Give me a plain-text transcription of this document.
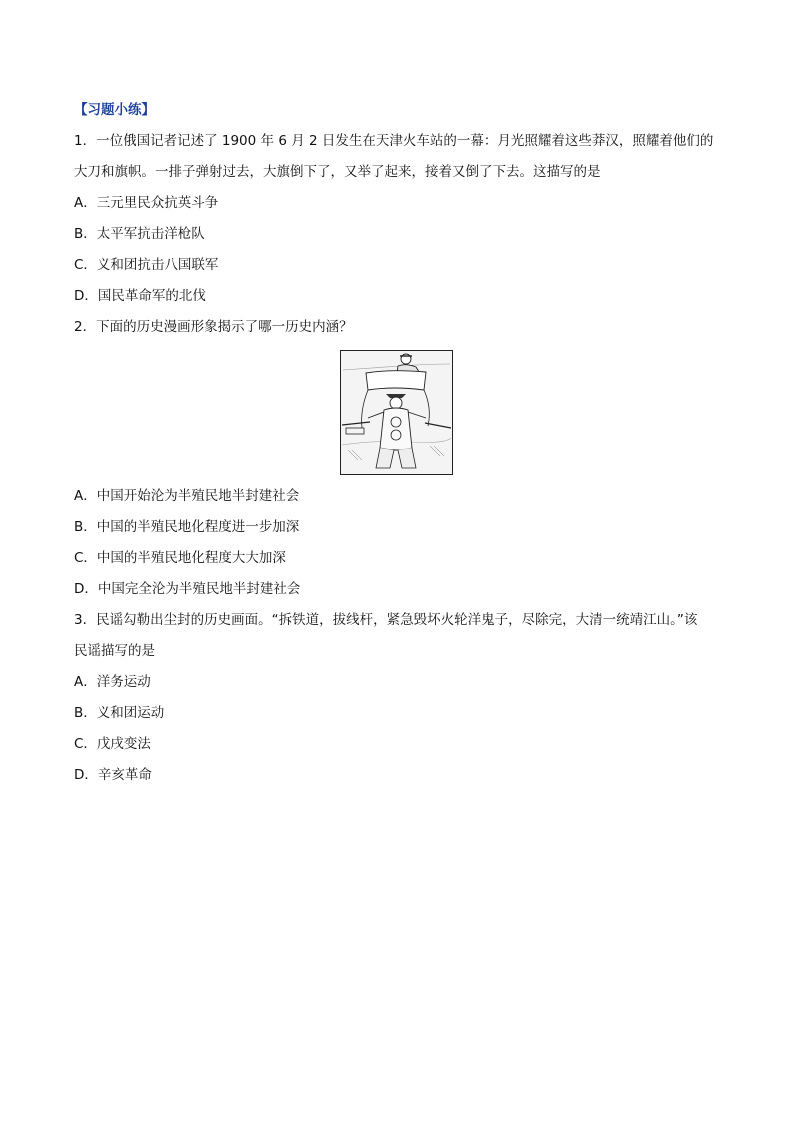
【习题小练】
1．一位俄国记者记述了 1900 年 6 月 2 日发生在天津火车站的一幕：月光照耀着这些莽汉，照耀着他们的
大刀和旗帜。一排子弹射过去，大旗倒下了，又举了起来，接着又倒了下去。这描写的是
A．三元里民众抗英斗争
B．太平军抗击洋枪队
C．义和团抗击八国联军
D．国民革命军的北伐
2．下面的历史漫画形象揭示了哪一历史内涵？
A．中国开始沦为半殖民地半封建社会
B．中国的半殖民地化程度进一步加深
C．中国的半殖民地化程度大大加深
D．中国完全沦为半殖民地半封建社会
3．民谣勾勒出尘封的历史画面。“拆铁道，拔线杆，紧急毁坏火轮洋鬼子，尽除完，大清一统靖江山。”该
民谣描写的是
A．洋务运动
B．义和团运动
C．戊戌变法
D．辛亥革命
